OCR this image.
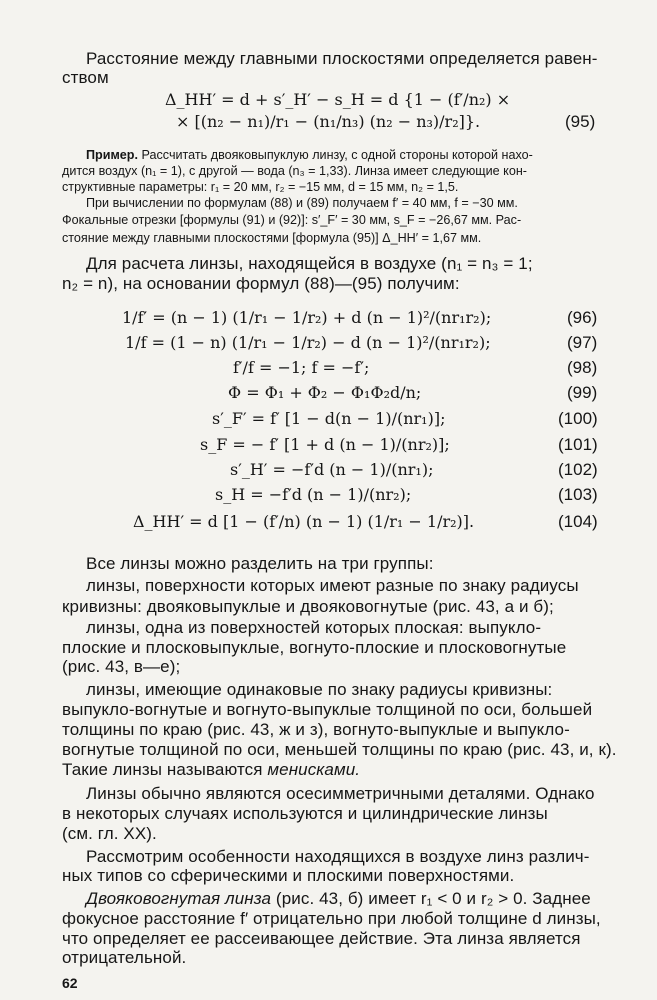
Расстояние между главными плоскостями определяется равен-
ством
Δ_HH′ = d + s′_H′ − s_H = d {1 − (f′/n₂) ×
× [(n₂ − n₁)/r₁ − (n₁/n₃) (n₂ − n₃)/r₂]}.	(95)
Пример. Рассчитать двояковыпуклую линзу, с одной стороны которой нахо-
дится воздух (n₁ = 1), с другой — вода (n₃ = 1,33). Линза имеет следующие кон-
структивные параметры: r₁ = 20 мм, r₂ = −15 мм, d = 15 мм, n₂ = 1,5.
При вычислении по формулам (88) и (89) получаем f′ = 40 мм, f = −30 мм.
Фокальные отрезки [формулы (91) и (92)]: s′_F′ = 30 мм, s_F = −26,67 мм. Рас-
стояние между главными плоскостями [формула (95)] Δ_HH′ = 1,67 мм.
Для расчета линзы, находящейся в воздухе (n₁ = n₃ = 1;
n₂ = n), на основании формул (88)—(95) получим:
1/f′ = (n − 1) (1/r₁ − 1/r₂) + d (n − 1)²/(nr₁r₂);	(96)
1/f = (1 − n) (1/r₁ − 1/r₂) − d (n − 1)²/(nr₁r₂);	(97)
f′/f = −1; f = −f′;	(98)
Φ = Φ₁ + Φ₂ − Φ₁Φ₂d/n;	(99)
s′_F′ = f′ [1 − d(n − 1)/(nr₁)];	(100)
s_F = − f′ [1 + d (n − 1)/(nr₂)];	(101)
s′_H′ = −f′d (n − 1)/(nr₁);	(102)
s_H = −f′d (n − 1)/(nr₂);	(103)
Δ_HH′ = d [1 − (f′/n) (n − 1) (1/r₁ − 1/r₂)].	(104)
Все линзы можно разделить на три группы:
линзы, поверхности которых имеют разные по знаку радиусы
кривизны: двояковыпуклые и двояковогнутые (рис. 43, а и б);
линзы, одна из поверхностей которых плоская: выпукло-
плоские и плосковыпуклые, вогнуто-плоские и плосковогнутые
(рис. 43, в—е);
линзы, имеющие одинаковые по знаку радиусы кривизны:
выпукло-вогнутые и вогнуто-выпуклые толщиной по оси, большей
толщины по краю (рис. 43, ж и з), вогнуто-выпуклые и выпукло-
вогнутые толщиной по оси, меньшей толщины по краю (рис. 43, и, к).
Такие линзы называются менисками.
Линзы обычно являются осесимметричными деталями. Однако
в некоторых случаях используются и цилиндрические линзы
(см. гл. XX).
Рассмотрим особенности находящихся в воздухе линз различ-
ных типов со сферическими и плоскими поверхностями.
Двояковогнутая линза (рис. 43, б) имеет r₁ < 0 и r₂ > 0. Заднее
фокусное расстояние f′ отрицательно при любой толщине d линзы,
что определяет ее рассеивающее действие. Эта линза является
отрицательной.
62
